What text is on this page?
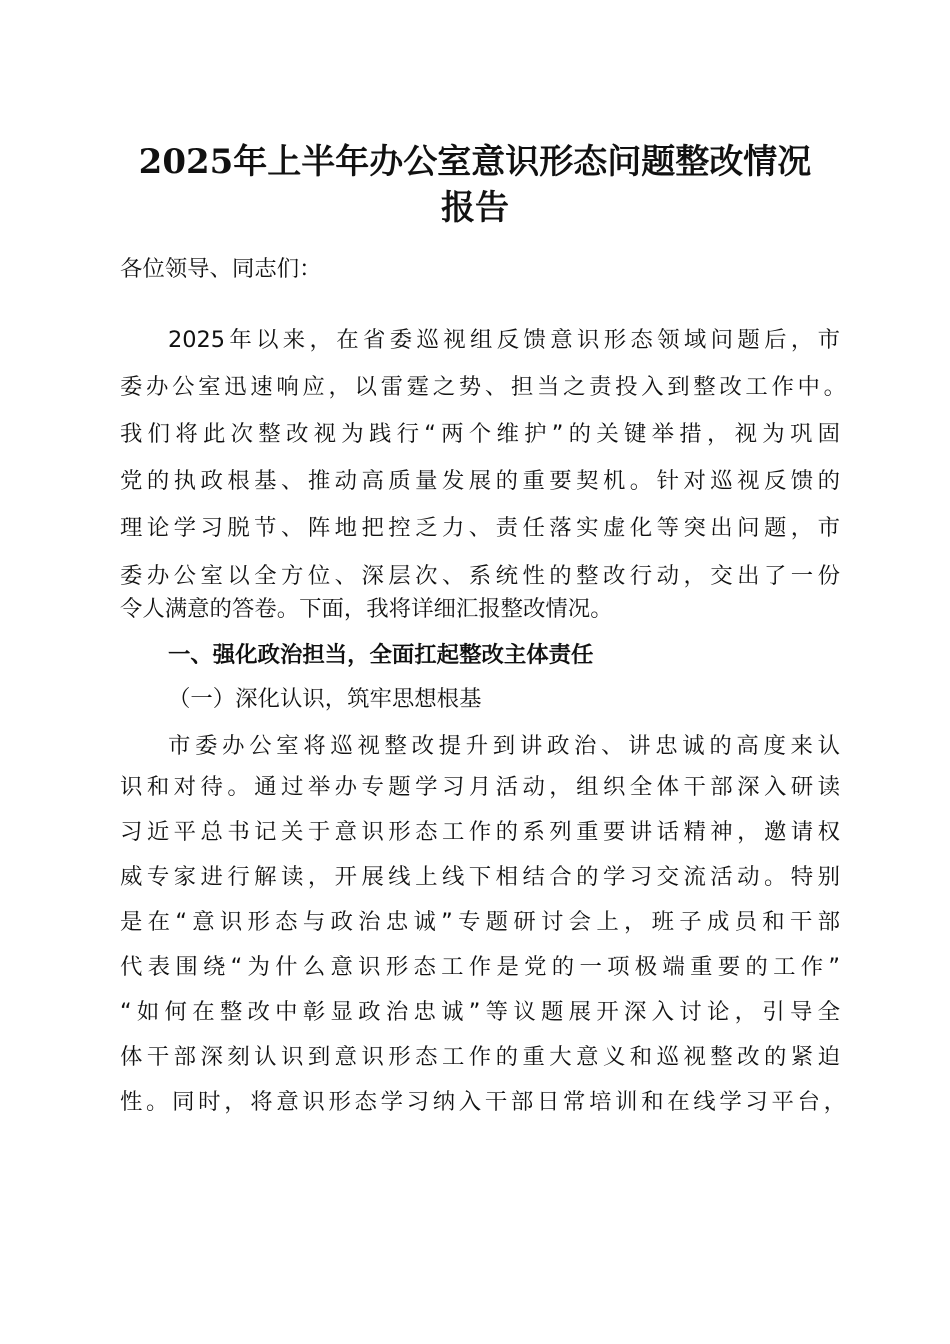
2025年上半年办公室意识形态问题整改情况
报告

各位领导、同志们：

2025年以来，在省委巡视组反馈意识形态领域问题后，市

委办公室迅速响应，以雷霆之势、担当之责投入到整改工作中。

我们将此次整改视为践行“两个维护”的关键举措，视为巩固

党的执政根基、推动高质量发展的重要契机。针对巡视反馈的

理论学习脱节、阵地把控乏力、责任落实虚化等突出问题，市

委办公室以全方位、深层次、系统性的整改行动，交出了一份

令人满意的答卷。下面，我将详细汇报整改情况。

一、强化政治担当，全面扛起整改主体责任

（一）深化认识，筑牢思想根基

市委办公室将巡视整改提升到讲政治、讲忠诚的高度来认

识和对待。通过举办专题学习月活动，组织全体干部深入研读

习近平总书记关于意识形态工作的系列重要讲话精神，邀请权

威专家进行解读，开展线上线下相结合的学习交流活动。特别

是在“意识形态与政治忠诚”专题研讨会上，班子成员和干部

代表围绕“为什么意识形态工作是党的一项极端重要的工作”

“如何在整改中彰显政治忠诚”等议题展开深入讨论，引导全

体干部深刻认识到意识形态工作的重大意义和巡视整改的紧迫

性。同时，将意识形态学习纳入干部日常培训和在线学习平台，
